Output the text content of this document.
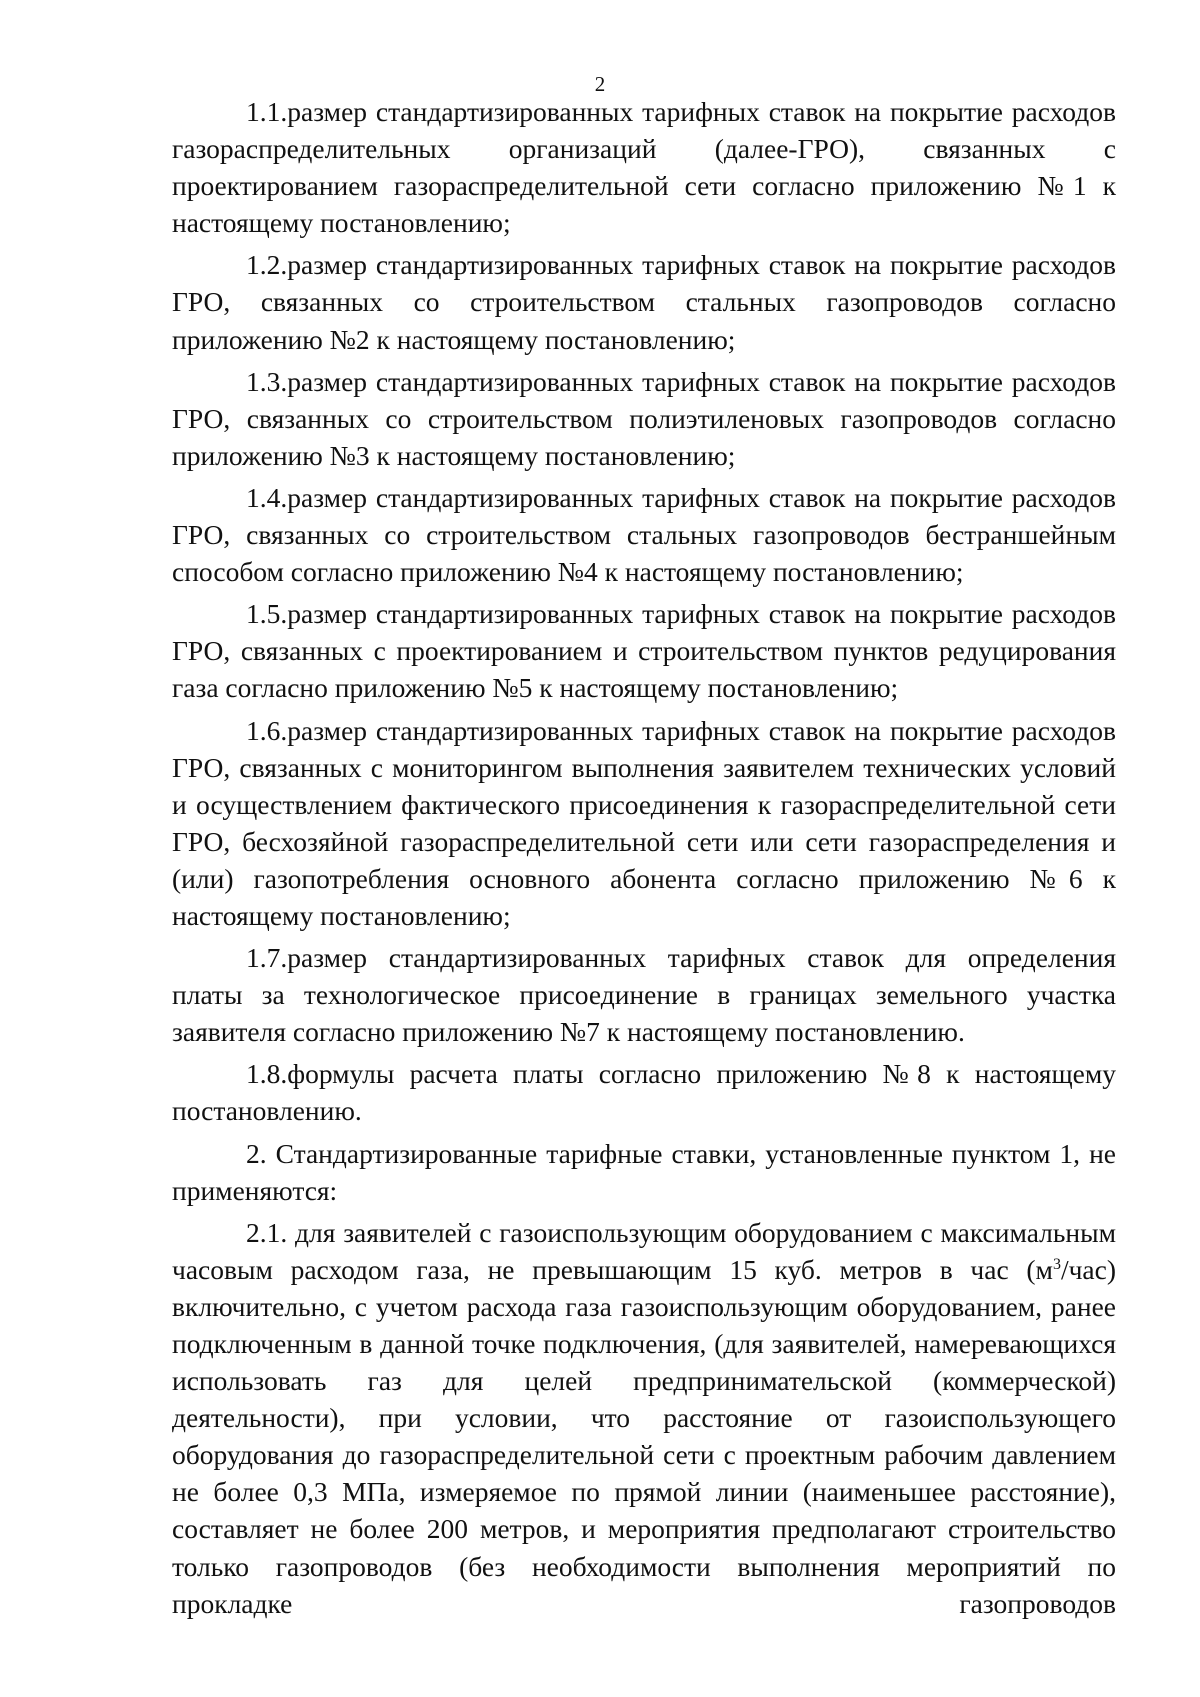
2

1.1.размер стандартизированных тарифных ставок на покрытие расходов газораспределительных организаций (далее-ГРО), связанных с проектированием газораспределительной сети согласно приложению №1 к настоящему постановлению;

1.2.размер стандартизированных тарифных ставок на покрытие расходов ГРО, связанных со строительством стальных газопроводов согласно приложению №2 к настоящему постановлению;

1.3.размер стандартизированных тарифных ставок на покрытие расходов ГРО, связанных со строительством полиэтиленовых газопроводов согласно приложению №3 к настоящему постановлению;

1.4.размер стандартизированных тарифных ставок на покрытие расходов ГРО, связанных со строительством стальных газопроводов бестраншейным способом согласно приложению №4 к настоящему постановлению;

1.5.размер стандартизированных тарифных ставок на покрытие расходов ГРО, связанных с проектированием и строительством пунктов редуцирования газа согласно приложению №5 к настоящему постановлению;

1.6.размер стандартизированных тарифных ставок на покрытие расходов ГРО, связанных с мониторингом выполнения заявителем технических условий и осуществлением фактического присоединения к газораспределительной сети ГРО, бесхозяйной газораспределительной сети или сети газораспределения и (или) газопотребления основного абонента согласно приложению №6 к настоящему постановлению;

1.7.размер стандартизированных тарифных ставок для определения платы за технологическое присоединение в границах земельного участка заявителя согласно приложению №7 к настоящему постановлению.

1.8.формулы расчета платы согласно приложению №8 к настоящему постановлению.

2. Стандартизированные тарифные ставки, установленные пунктом 1, не применяются:

2.1. для заявителей с газоиспользующим оборудованием с максимальным часовым расходом газа, не превышающим 15 куб. метров в час $(м^3/час)$ включительно, с учетом расхода газа газоиспользующим оборудованием, ранее подключенным в данной точке подключения, (для заявителей, намеревающихся использовать газ для целей предпринимательской (коммерческой) деятельности), при условии, что расстояние от газоиспользующего оборудования до газораспределительной сети с проектным рабочим давлением не более 0,3 МПа, измеряемое по прямой линии (наименьшее расстояние), составляет не более 200 метров, и мероприятия предполагают строительство только газопроводов (без необходимости выполнения мероприятий по прокладке газопроводов
